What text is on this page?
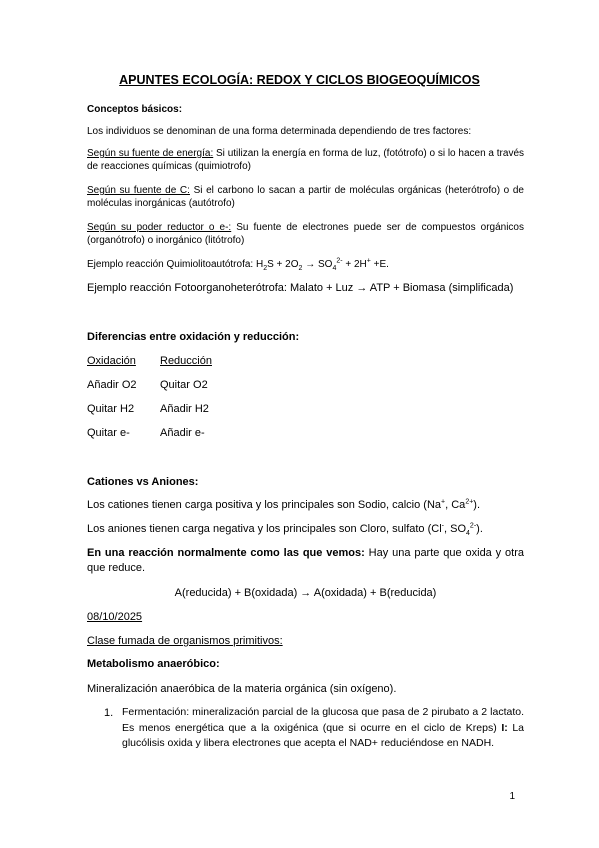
APUNTES ECOLOGÍA: REDOX Y CICLOS BIOGEOQUÍMICOS
Conceptos básicos:
Los individuos se denominan de una forma determinada dependiendo de tres factores:
Según su fuente de energía: Si utilizan la energía en forma de luz, (fotótrofo) o si lo hacen a través de reacciones químicas (quimiotrofo)
Según su fuente de C: Si el carbono lo sacan a partir de moléculas orgánicas (heterótrofo) o de moléculas inorgánicas (autótrofo)
Según su poder reductor o e-: Su fuente de electrones puede ser de compuestos orgánicos (organótrofo) o inorgánico (litótrofo)
Ejemplo reacción Quimiolitoautótrofa: $H_2S + 2O_2 \to SO_4^{2-} + 2H^+ +E$.
Ejemplo reacción Fotoorganoheterótrofa: Malato + Luz → ATP + Biomasa (simplificada)
Diferencias entre oxidación y reducción:
Oxidación Reducción
Añadir O2 Quitar O2
Quitar H2 Añadir H2
Quitar e-	Añadir e-
Cationes vs Aniones:
Los cationes tienen carga positiva y los principales son Sodio, calcio (Na+, $Ca^{2+}$).
Los aniones tienen carga negativa y los principales son Cloro, sulfato (Cl-, $SO_4^{2-}$).
En una reacción normalmente como las que vemos: Hay una parte que oxida y otra que reduce.
A(reducida) + B(oxidada) → A(oxidada) + B(reducida)
08/10/2025
Clase fumada de organismos primitivos:
Metabolismo anaeróbico:
Mineralización anaeróbica de la materia orgánica (sin oxígeno).
1. Fermentación: mineralización parcial de la glucosa que pasa de 2 pirubato a 2 lactato. Es menos energética que a la oxigénica (que si ocurre en el ciclo de Kreps) I: La glucólisis oxida y libera electrones que acepta el NAD+ reduciéndose en NADH.
1
